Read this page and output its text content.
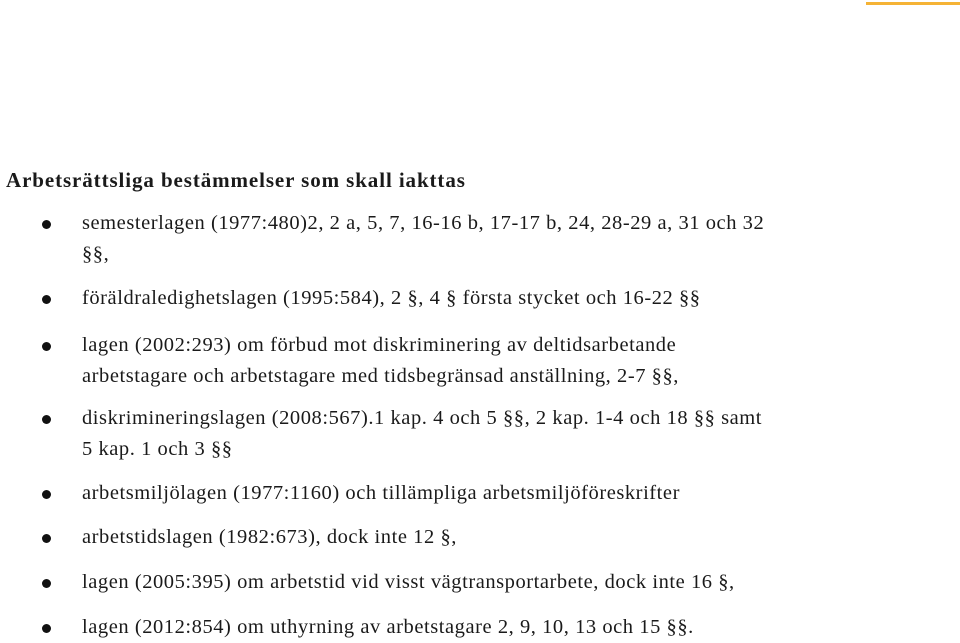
Arbetsrättsliga bestämmelser som skall iakttas
semesterlagen (1977:480)2, 2 a, 5, 7, 16-16 b, 17-17 b, 24, 28-29 a, 31 och 32
§§,
föräldraledighetslagen (1995:584), 2 §, 4 § första stycket och 16-22 §§
lagen (2002:293) om förbud mot diskriminering av deltidsarbetande
arbetstagare och arbetstagare med tidsbegränsad anställning, 2-7 §§,
diskrimineringslagen (2008:567).1 kap. 4 och 5 §§, 2 kap. 1-4 och 18 §§ samt
5 kap. 1 och 3 §§
arbetsmiljölagen (1977:1160) och tillämpliga arbetsmiljöföreskrifter
arbetstidslagen (1982:673), dock inte 12 §,
lagen (2005:395) om arbetstid vid visst vägtransportarbete, dock inte 16 §,
lagen (2012:854) om uthyrning av arbetstagare 2, 9, 10, 13 och 15 §§.
